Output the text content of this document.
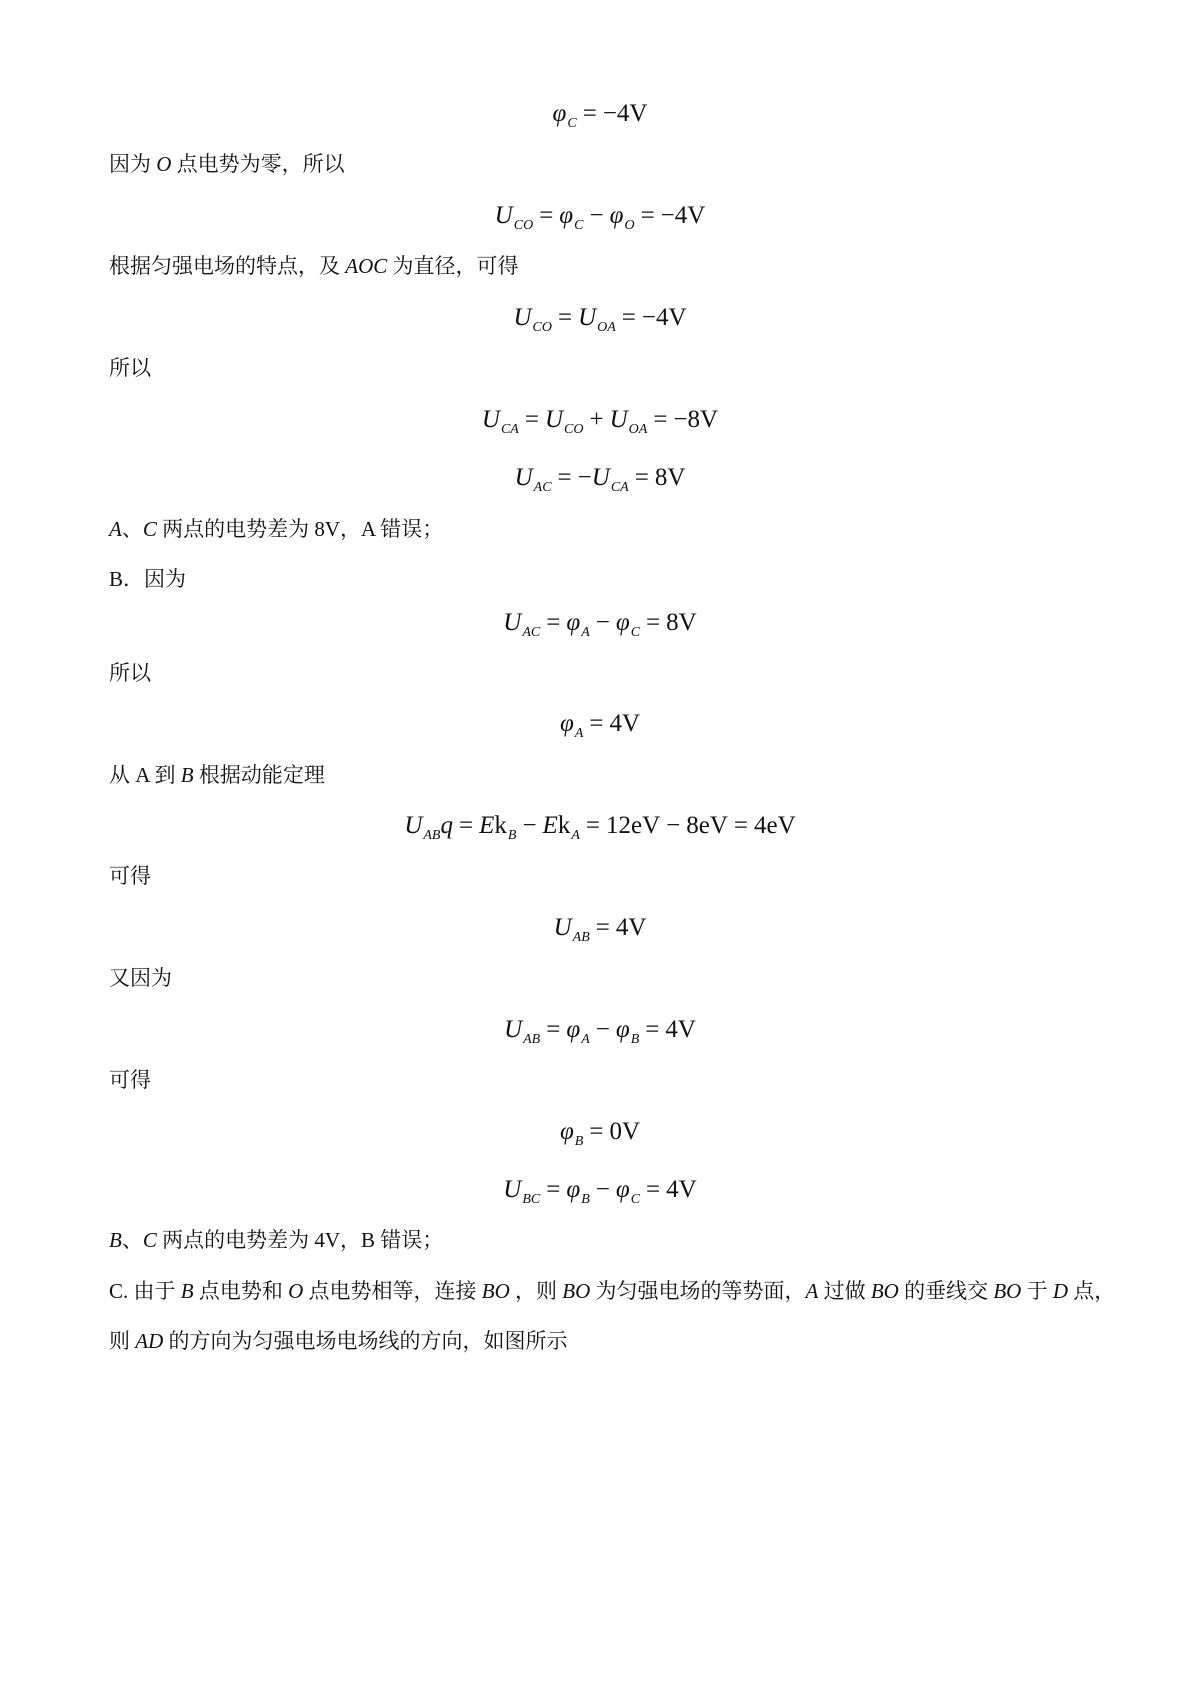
$\varphi_C = -4V$
因为 O 点电势为零，所以
$U_{CO} = \varphi_C - \varphi_O = -4V$
根据匀强电场的特点，及 AOC 为直径，可得
$U_{CO} = U_{OA} = -4V$
所以
$U_{CA} = U_{CO} + U_{OA} = -8V$
$U_{AC} = -U_{CA} = 8V$
A、C 两点的电势差为 8V，A 错误；
B．因为
$U_{AC} = \varphi_A - \varphi_C = 8V$
所以
$\varphi_A = 4V$
从 A 到 B 根据动能定理
$U_{AB}q = Ek_B - Ek_A = 12eV - 8eV = 4eV$
可得
$U_{AB} = 4V$
又因为
$U_{AB} = \varphi_A - \varphi_B = 4V$
可得
$\varphi_B = 0V$
$U_{BC} = \varphi_B - \varphi_C = 4V$
B、C 两点的电势差为 4V，B 错误；
C. 由于 B 点电势和 O 点电势相等，连接 BO ，则 BO 为匀强电场的等势面，A 过做 BO 的垂线交 BO 于 D 点，
则 AD 的方向为匀强电场电场线的方向，如图所示
